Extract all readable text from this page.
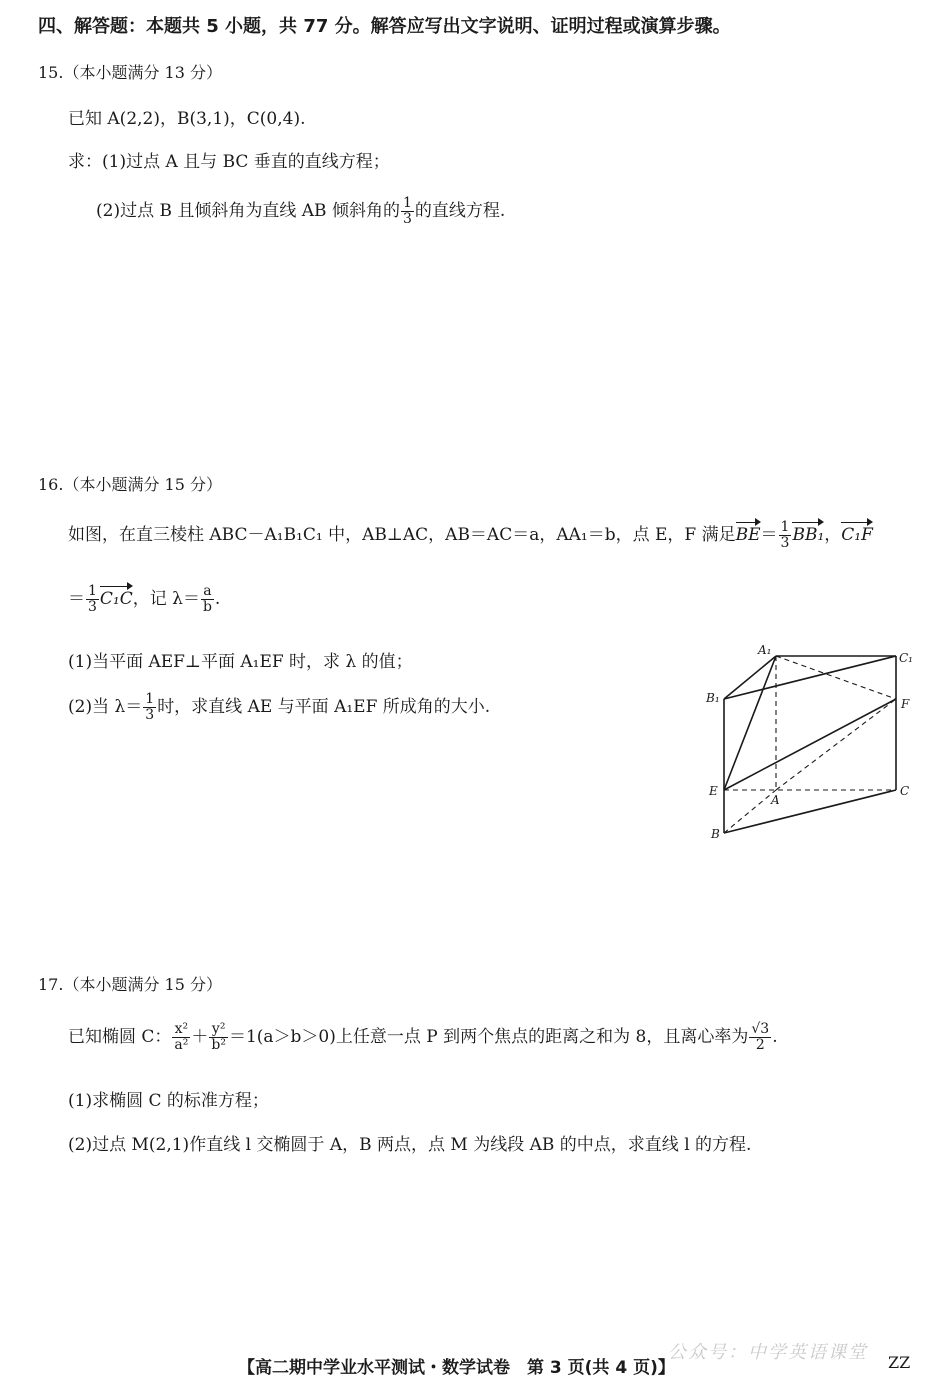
四、解答题：本题共 5 小题，共 77 分。解答应写出文字说明、证明过程或演算步骤。
15.（本小题满分 13 分）
已知 A(2,2)，B(3,1)，C(0,4).
求：(1)过点 A 且与 BC 垂直的直线方程；
(2)过点 B 且倾斜角为直线 AB 倾斜角的 $\frac{1}{3}$ 的直线方程.
16.（本小题满分 15 分）
如图，在直三棱柱 ABC－A₁B₁C₁ 中，AB⊥AC，AB＝AC＝a，AA₁＝b，点 E，F 满足$BE= \frac{1}{3} BB_1$，C₁F
＝ $\frac{1}{3} C_1C$，记 $\lambda= \frac{a}{b}$ .
(1)当平面 AEF⊥平面 A₁EF 时，求 λ 的值；
(2)当 $\lambda= \frac{1}{3}$ 时，求直线 AE 与平面 A₁EF 所成角的大小.
A₁
C₁
B₁	F
E
A
C
B
17.（本小题满分 15 分）
已知椭圆 C： $\frac{\text{x²}}{\text{a²}} + \frac{\text{y²}}{\text{b²}} =1(a>b>0)$上任意一点 P 到两个焦点的距离之和为 8，且离心率为 $\frac{√3}{2}$ .
(1)求椭圆 C 的标准方程；
(2)过点 M(2,1)作直线 l 交椭圆于 A，B 两点，点 M 为线段 AB 的中点，求直线 l 的方程.
公众号：中学英语课堂
【高二期中学业水平测试・数学试卷　第 3 页(共 4 页)】	ZZ
